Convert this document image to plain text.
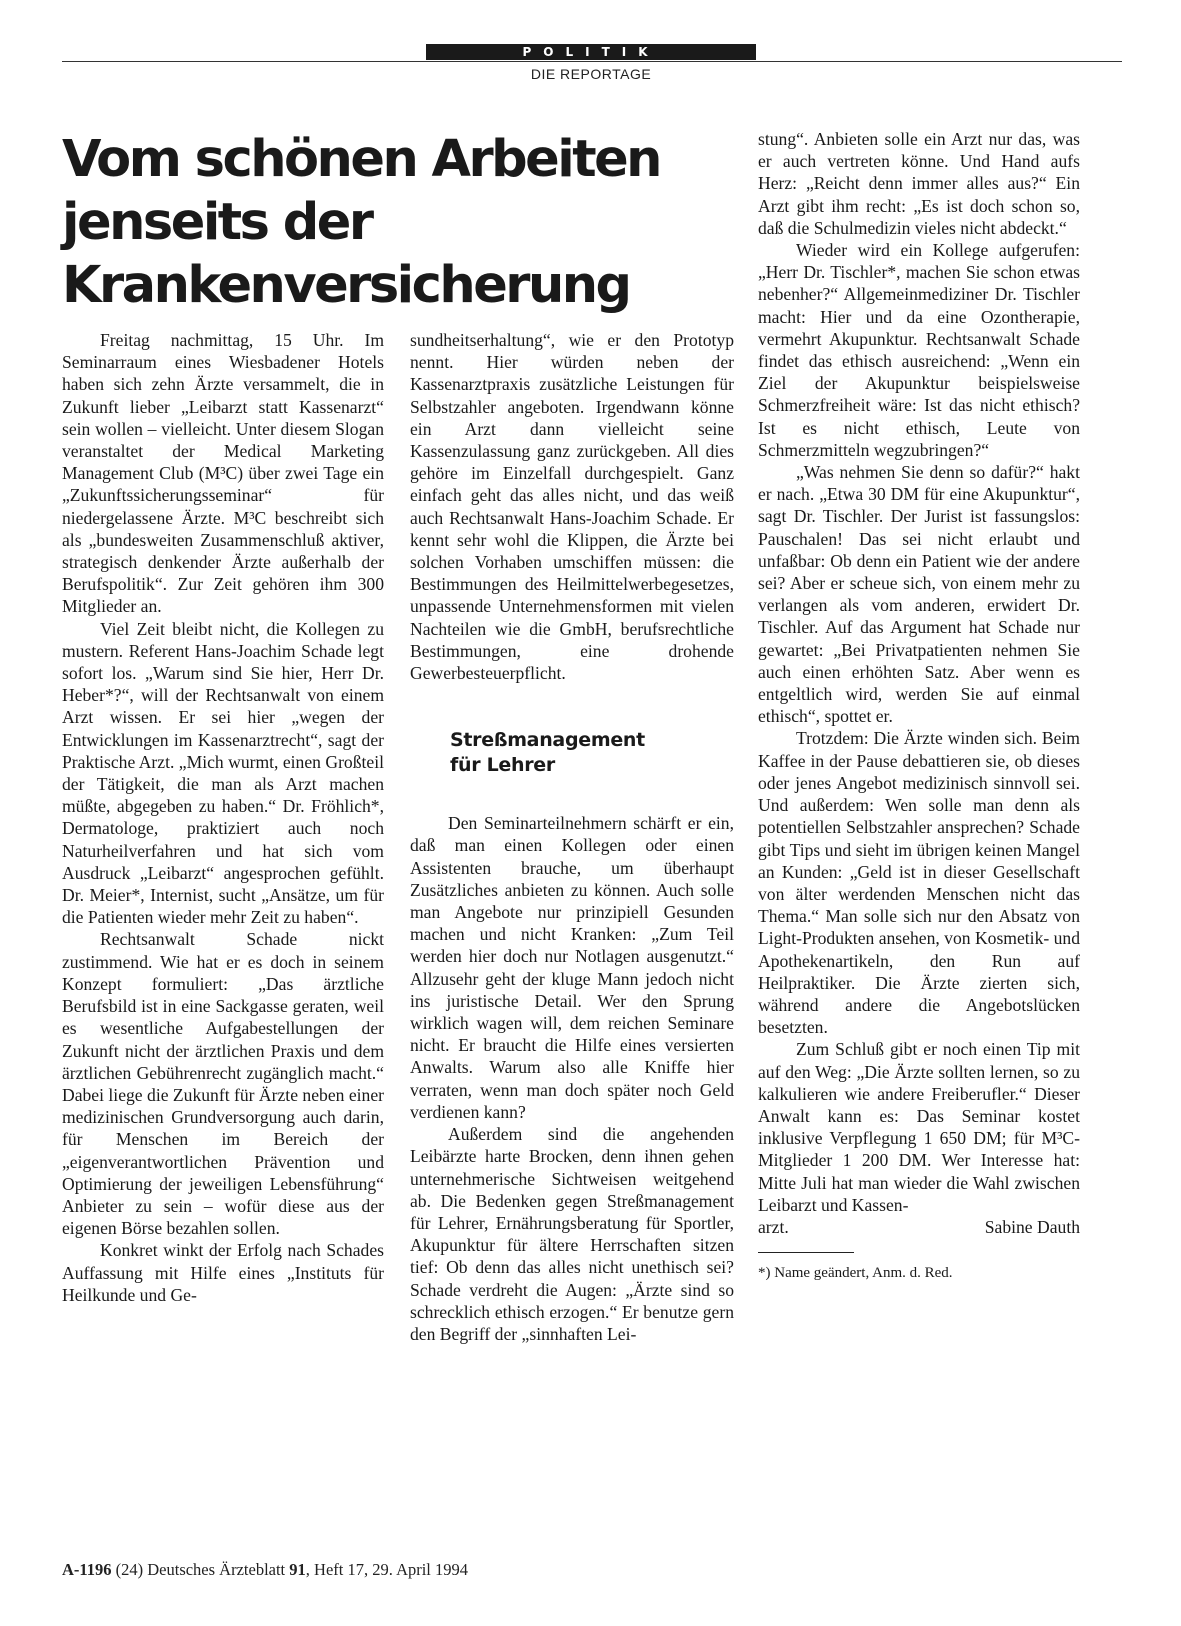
POLITIK
DIE REPORTAGE
Vom schönen Arbeiten
jenseits der
Krankenversicherung

Freitag nachmittag, 15 Uhr. Im Seminarraum eines Wiesbadener Hotels haben sich zehn Ärzte versammelt, die in Zukunft lieber „Leibarzt statt Kassenarzt“ sein wollen – vielleicht. Unter diesem Slogan veranstaltet der Medical Marketing Management Club (M³C) über zwei Tage ein „Zukunftssicherungsseminar“ für niedergelassene Ärzte. M³C beschreibt sich als „bundesweiten Zusammenschluß aktiver, strategisch denkender Ärzte außerhalb der Berufspolitik“. Zur Zeit gehören ihm 300 Mitglieder an.

Viel Zeit bleibt nicht, die Kollegen zu mustern. Referent Hans-Joachim Schade legt sofort los. „Warum sind Sie hier, Herr Dr. Heber*?“, will der Rechtsanwalt von einem Arzt wissen. Er sei hier „wegen der Entwicklungen im Kassenarztrecht“, sagt der Praktische Arzt. „Mich wurmt, einen Großteil der Tätigkeit, die man als Arzt machen müßte, abgegeben zu haben.“ Dr. Fröhlich*, Dermatologe, praktiziert auch noch Naturheilverfahren und hat sich vom Ausdruck „Leibarzt“ angesprochen gefühlt. Dr. Meier*, Internist, sucht „Ansätze, um für die Patienten wieder mehr Zeit zu haben“.

Rechtsanwalt Schade nickt zustimmend. Wie hat er es doch in seinem Konzept formuliert: „Das ärztliche Berufsbild ist in eine Sackgasse geraten, weil es wesentliche Aufgabestellungen der Zukunft nicht der ärztlichen Praxis und dem ärztlichen Gebührenrecht zugänglich macht.“ Dabei liege die Zukunft für Ärzte neben einer medizinischen Grundversorgung auch darin, für Menschen im Bereich der „eigenverantwortlichen Prävention und Optimierung der jeweiligen Lebensführung“ Anbieter zu sein – wofür diese aus der eigenen Börse bezahlen sollen.

Konkret winkt der Erfolg nach Schades Auffassung mit Hilfe eines „Instituts für Heilkunde und Ge-

sundheitserhaltung“, wie er den Prototyp nennt. Hier würden neben der Kassenarztpraxis zusätzliche Leistungen für Selbstzahler angeboten. Irgendwann könne ein Arzt dann vielleicht seine Kassenzulassung ganz zurückgeben. All dies gehöre im Einzelfall durchgespielt. Ganz einfach geht das alles nicht, und das weiß auch Rechtsanwalt Hans-Joachim Schade. Er kennt sehr wohl die Klippen, die Ärzte bei solchen Vorhaben umschiffen müssen: die Bestimmungen des Heilmittelwerbegesetzes, unpassende Unternehmensformen mit vielen Nachteilen wie die GmbH, berufsrechtliche Bestimmungen, eine drohende Gewerbesteuerpflicht.

Streßmanagement
für Lehrer

Den Seminarteilnehmern schärft er ein, daß man einen Kollegen oder einen Assistenten brauche, um überhaupt Zusätzliches anbieten zu können. Auch solle man Angebote nur prinzipiell Gesunden machen und nicht Kranken: „Zum Teil werden hier doch nur Notlagen ausgenutzt.“ Allzusehr geht der kluge Mann jedoch nicht ins juristische Detail. Wer den Sprung wirklich wagen will, dem reichen Seminare nicht. Er braucht die Hilfe eines versierten Anwalts. Warum also alle Kniffe hier verraten, wenn man doch später noch Geld verdienen kann?

Außerdem sind die angehenden Leibärzte harte Brocken, denn ihnen gehen unternehmerische Sichtweisen weitgehend ab. Die Bedenken gegen Streßmanagement für Lehrer, Ernährungsberatung für Sportler, Akupunktur für ältere Herrschaften sitzen tief: Ob denn das alles nicht unethisch sei? Schade verdreht die Augen: „Ärzte sind so schrecklich ethisch erzogen.“ Er benutze gern den Begriff der „sinnhaften Lei-

stung“. Anbieten solle ein Arzt nur das, was er auch vertreten könne. Und Hand aufs Herz: „Reicht denn immer alles aus?“ Ein Arzt gibt ihm recht: „Es ist doch schon so, daß die Schulmedizin vieles nicht abdeckt.“

Wieder wird ein Kollege aufgerufen: „Herr Dr. Tischler*, machen Sie schon etwas nebenher?“ Allgemeinmediziner Dr. Tischler macht: Hier und da eine Ozontherapie, vermehrt Akupunktur. Rechtsanwalt Schade findet das ethisch ausreichend: „Wenn ein Ziel der Akupunktur beispielsweise Schmerzfreiheit wäre: Ist das nicht ethisch? Ist es nicht ethisch, Leute von Schmerzmitteln wegzubringen?“

„Was nehmen Sie denn so dafür?“ hakt er nach. „Etwa 30 DM für eine Akupunktur“, sagt Dr. Tischler. Der Jurist ist fassungslos: Pauschalen! Das sei nicht erlaubt und unfaßbar: Ob denn ein Patient wie der andere sei? Aber er scheue sich, von einem mehr zu verlangen als vom anderen, erwidert Dr. Tischler. Auf das Argument hat Schade nur gewartet: „Bei Privatpatienten nehmen Sie auch einen erhöhten Satz. Aber wenn es entgeltlich wird, werden Sie auf einmal ethisch“, spottet er.

Trotzdem: Die Ärzte winden sich. Beim Kaffee in der Pause debattieren sie, ob dieses oder jenes Angebot medizinisch sinnvoll sei. Und außerdem: Wen solle man denn als potentiellen Selbstzahler ansprechen? Schade gibt Tips und sieht im übrigen keinen Mangel an Kunden: „Geld ist in dieser Gesellschaft von älter werdenden Menschen nicht das Thema.“ Man solle sich nur den Absatz von Light-Produkten ansehen, von Kosmetik- und Apothekenartikeln, den Run auf Heilpraktiker. Die Ärzte zierten sich, während andere die Angebotslücken besetzten.

Zum Schluß gibt er noch einen Tip mit auf den Weg: „Die Ärzte sollten lernen, so zu kalkulieren wie andere Freiberufler.“ Dieser Anwalt kann es: Das Seminar kostet inklusive Verpflegung 1 650 DM; für M³C-Mitglieder 1 200 DM. Wer Interesse hat: Mitte Juli hat man wieder die Wahl zwischen Leibarzt und Kassen-

arzt.	Sabine Dauth

*) Name geändert, Anm. d. Red.

A-1196 (24) Deutsches Ärzteblatt 91, Heft 17, 29. April 1994
